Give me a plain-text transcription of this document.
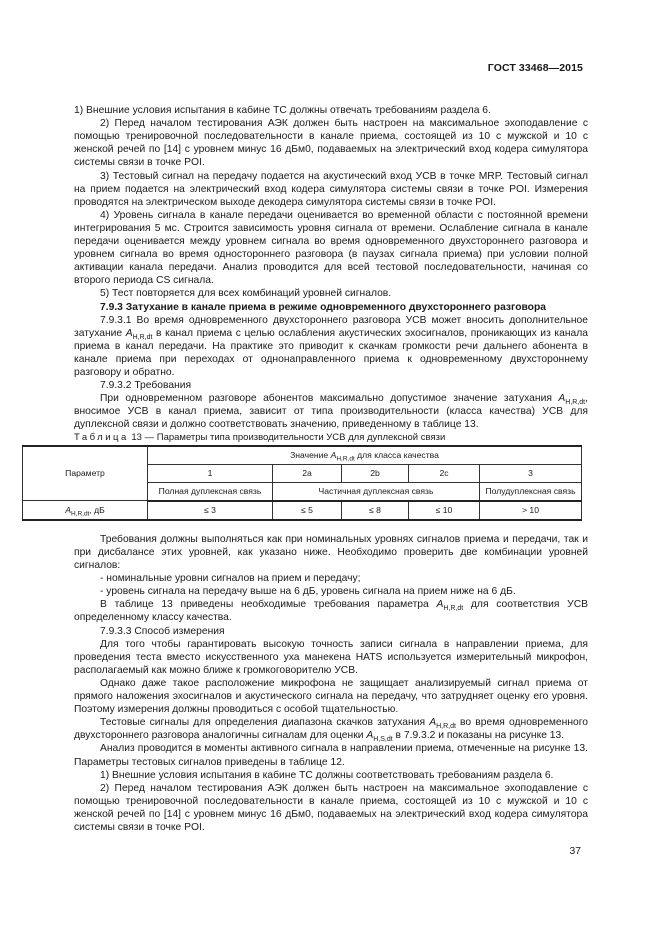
ГОСТ 33468—2015

1) Внешние условия испытания в кабине ТС должны отвечать требованиям раздела 6.

2) Перед началом тестирования АЭК должен быть настроен на максимальное эхоподавление с помощью тренировочной последовательности в канале приема, состоящей из 10 с мужской и 10 с женской речей по [14] с уровнем минус 16 дБм0, подаваемых на электрический вход кодера симулятора системы связи в точке POI.

3) Тестовый сигнал на передачу подается на акустический вход УСВ в точке MRP. Тестовый сигнал на прием подается на электрический вход кодера симулятора системы связи в точке POI. Измерения проводятся на электрическом выходе декодера симулятора системы связи в точке POI.

4) Уровень сигнала в канале передачи оценивается во временной области с постоянной времени интегрирования 5 мс. Строится зависимость уровня сигнала от времени. Ослабление сигнала в канале передачи оценивается между уровнем сигнала во время одновременного двухстороннего разговора и уровнем сигнала во время одностороннего разговора (в паузах сигнала приема) при условии полной активации канала передачи. Анализ проводится для всей тестовой последовательности, начиная со второго периода CS сигнала.

5) Тест повторяется для всех комбинаций уровней сигналов.

7.9.3 Затухание в канале приема в режиме одновременного двухстороннего разговора

7.9.3.1 Во время одновременного двухстороннего разговора УСВ может вносить дополнительное затухание $A_{H,R,dt}$ в канал приема с целью ослабления акустических эхосигналов, проникающих из канала приема в канал передачи. На практике это приводит к скачкам громкости речи дальнего абонента в канале приема при переходах от однонаправленного приема к одновременному двухстороннему разговору и обратно.

7.9.3.2 Требования

При одновременном разговоре абонентов максимально допустимое значение затухания $A_{H,R,dt}$, вносимое УСВ в канал приема, зависит от типа производительности (класса качества) УСВ для дуплексной связи и должно соответствовать значению, приведенному в таблице 13.

Таблица 13 — Параметры типа производительности УСВ для дуплексной связи

Параметр	Значение $A_{H,R,dt}$ для класса качества				
	1	2a	2b	2c	3
	Полная дуплексная связь	Частичная дуплексная связь			Полудуплексная связь
$A_{H,R,dt}$, дБ	≤ 3	≤ 5	≤ 8	≤ 10	> 10

Требования должны выполняться как при номинальных уровнях сигналов приема и передачи, так и при дисбалансе этих уровней, как указано ниже. Необходимо проверить две комбинации уровней сигналов:

- номинальные уровни сигналов на прием и передачу;

- уровень сигнала на передачу выше на 6 дБ, уровень сигнала на прием ниже на 6 дБ.

В таблице 13 приведены необходимые требования параметра $A_{H,R,dt}$ для соответствия УСВ определенному классу качества.

7.9.3.3 Способ измерения

Для того чтобы гарантировать высокую точность записи сигнала в направлении приема, для проведения теста вместо искусственного уха манекена HATS используется измерительный микрофон, располагаемый как можно ближе к громкоговорителю УСВ.

Однако даже такое расположение микрофона не защищает анализируемый сигнал приема от прямого наложения эхосигналов и акустического сигнала на передачу, что затрудняет оценку его уровня. Поэтому измерения должны проводиться с особой тщательностью.

Тестовые сигналы для определения диапазона скачков затухания $A_{H,R,dt}$ во время одновременного двухстороннего разговора аналогичны сигналам для оценки $A_{H,S,dt}$ в 7.9.3.2 и показаны на рисунке 13.

Анализ проводится в моменты активного сигнала в направлении приема, отмеченные на рисунке 13. Параметры тестовых сигналов приведены в таблице 12.

1) Внешние условия испытания в кабине ТС должны соответствовать требованиям раздела 6.

2) Перед началом тестирования АЭК должен быть настроен на максимальное эхоподавление с помощью тренировочной последовательности в канале приема, состоящей из 10 с мужской и 10 с женской речей по [14] с уровнем минус 16 дБм0, подаваемых на электрический вход кодера симулятора системы связи в точке POI.

37
